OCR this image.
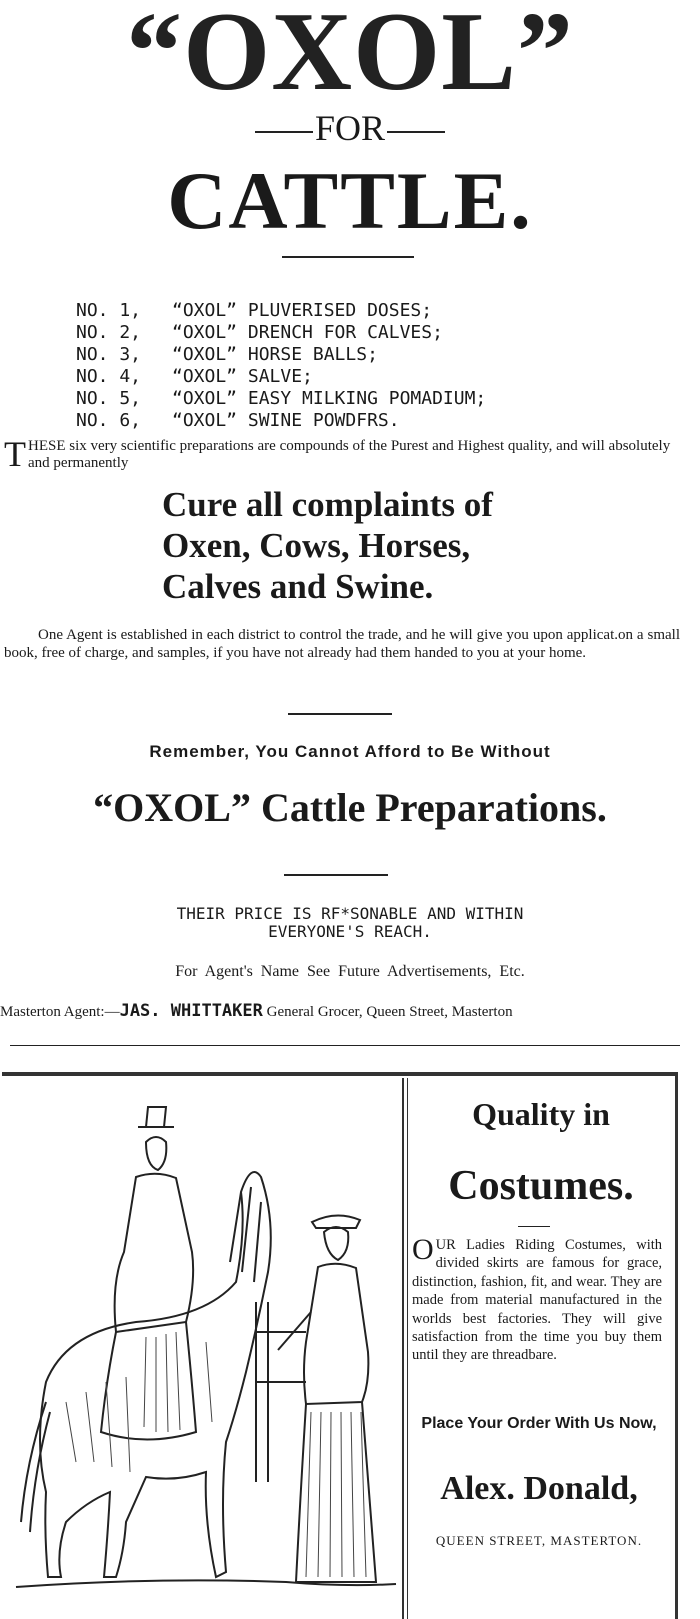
“OXOL”
FOR
CATTLE.
NO. 1,	“OXOL” PLUVERISED DOSES;
NO. 2,	“OXOL” DRENCH FOR CALVES;
NO. 3,	“OXOL” HORSE BALLS;
NO. 4,	“OXOL” SALVE;
NO. 5,	“OXOL” EASY MILKING POMADIUM;
NO. 6,	“OXOL” SWINE POWDFRS.
THESE six very scientific preparations are compounds of the Purest and Highest quality, and will absolutely and permanently
Cure all complaints of
Oxen, Cows, Horses,
Calves and Swine.
One Agent is established in each district to control the trade, and he will give you upon applicat.on a small book, free of charge, and samples, if you have not already had them handed to you at your home.
Remember, You Cannot Afford to Be Without
“OXOL” Cattle Preparations.
THEIR PRICE IS RF*SONABLE AND WITHIN
EVERYONE'S REACH.
For Agent's Name See Future Advertisements, Etc.
Masterton Agent:—JAS. WHITTAKER General Grocer, Queen Street, Masterton
Quality in
Costumes.
OUR Ladies Riding Costumes, with divided skirts are famous for grace, distinction, fashion, fit, and wear. They are made from material manufactured in the worlds best factories. They will give satisfaction from the time you buy them until they are threadbare.
Place Your Order With Us Now,
Alex. Donald,
QUEEN STREET, MASTERTON.
